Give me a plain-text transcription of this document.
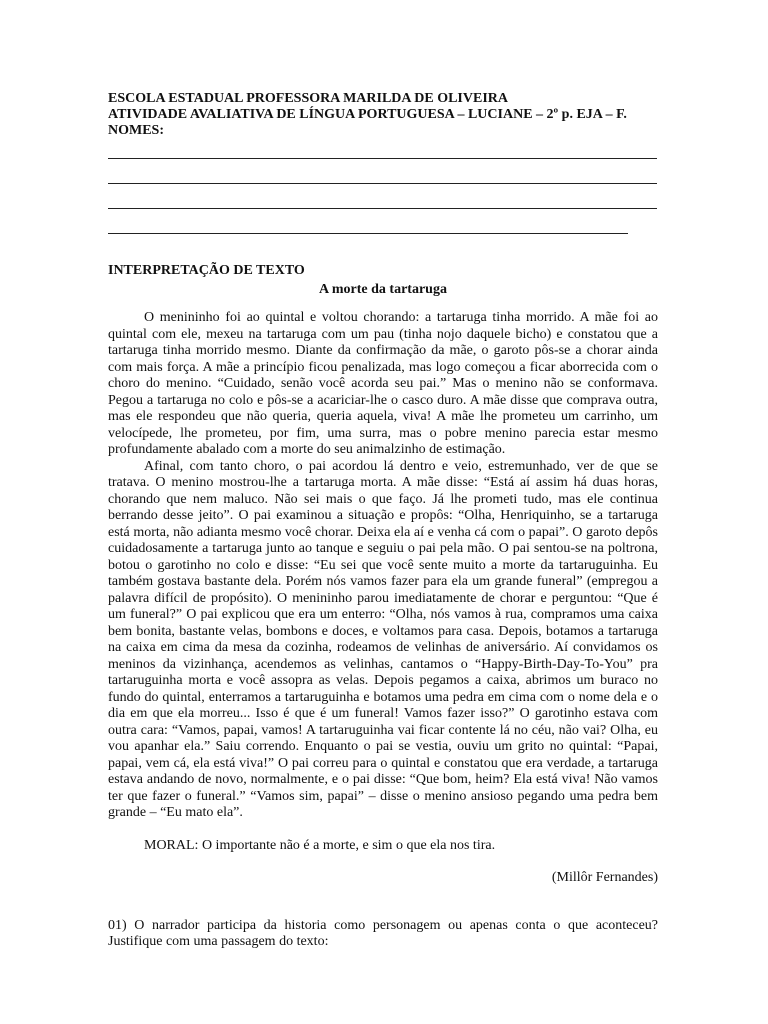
ESCOLA ESTADUAL PROFESSORA MARILDA DE OLIVEIRA
ATIVIDADE AVALIATIVA DE LÍNGUA PORTUGUESA – LUCIANE – 2º p. EJA – F.
NOMES:
INTERPRETAÇÃO DE TEXTO
A morte da tartaruga

O menininho foi ao quintal e voltou chorando: a tartaruga tinha morrido. A mãe foi ao quintal com ele, mexeu na tartaruga com um pau (tinha nojo daquele bicho) e constatou que a tartaruga tinha morrido mesmo. Diante da confirmação da mãe, o garoto pôs-se a chorar ainda com mais força. A mãe a princípio ficou penalizada, mas logo começou a ficar aborrecida com o choro do menino. “Cuidado, senão você acorda seu pai.” Mas o menino não se conformava. Pegou a tartaruga no colo e pôs-se a acariciar-lhe o casco duro. A mãe disse que comprava outra, mas ele respondeu que não queria, queria aquela, viva! A mãe lhe prometeu um carrinho, um velocípede, lhe prometeu, por fim, uma surra, mas o pobre menino parecia estar mesmo profundamente abalado com a morte do seu animalzinho de estimação.

Afinal, com tanto choro, o pai acordou lá dentro e veio, estremunhado, ver de que se tratava. O menino mostrou-lhe a tartaruga morta. A mãe disse: “Está aí assim há duas horas, chorando que nem maluco. Não sei mais o que faço. Já lhe prometi tudo, mas ele continua berrando desse jeito”. O pai examinou a situação e propôs: “Olha, Henriquinho, se a tartaruga está morta, não adianta mesmo você chorar. Deixa ela aí e venha cá com o papai”. O garoto depôs cuidadosamente a tartaruga junto ao tanque e seguiu o pai pela mão. O pai sentou-se na poltrona, botou o garotinho no colo e disse: “Eu sei que você sente muito a morte da tartaruguinha. Eu também gostava bastante dela. Porém nós vamos fazer para ela um grande funeral” (empregou a palavra difícil de propósito). O menininho parou imediatamente de chorar e perguntou: “Que é um funeral?” O pai explicou que era um enterro: “Olha, nós vamos à rua, compramos uma caixa bem bonita, bastante velas, bombons e doces, e voltamos para casa. Depois, botamos a tartaruga na caixa em cima da mesa da cozinha, rodeamos de velinhas de aniversário. Aí convidamos os meninos da vizinhança, acendemos as velinhas, cantamos o “Happy-Birth-Day-To-You” pra tartaruguinha morta e você assopra as velas. Depois pegamos a caixa, abrimos um buraco no fundo do quintal, enterramos a tartaruguinha e botamos uma pedra em cima com o nome dela e o dia em que ela morreu... Isso é que é um funeral! Vamos fazer isso?” O garotinho estava com outra cara: “Vamos, papai, vamos! A tartaruguinha vai ficar contente lá no céu, não vai? Olha, eu vou apanhar ela.” Saiu correndo. Enquanto o pai se vestia, ouviu um grito no quintal: “Papai, papai, vem cá, ela está viva!” O pai correu para o quintal e constatou que era verdade, a tartaruga estava andando de novo, normalmente, e o pai disse: “Que bom, heim? Ela está viva! Não vamos ter que fazer o funeral.” “Vamos sim, papai” – disse o menino ansioso pegando uma pedra bem grande – “Eu mato ela”.

MORAL: O importante não é a morte, e sim o que ela nos tira.
(Millôr Fernandes)
01) O narrador participa da historia como personagem ou apenas conta o que aconteceu? Justifique com uma passagem do texto:
